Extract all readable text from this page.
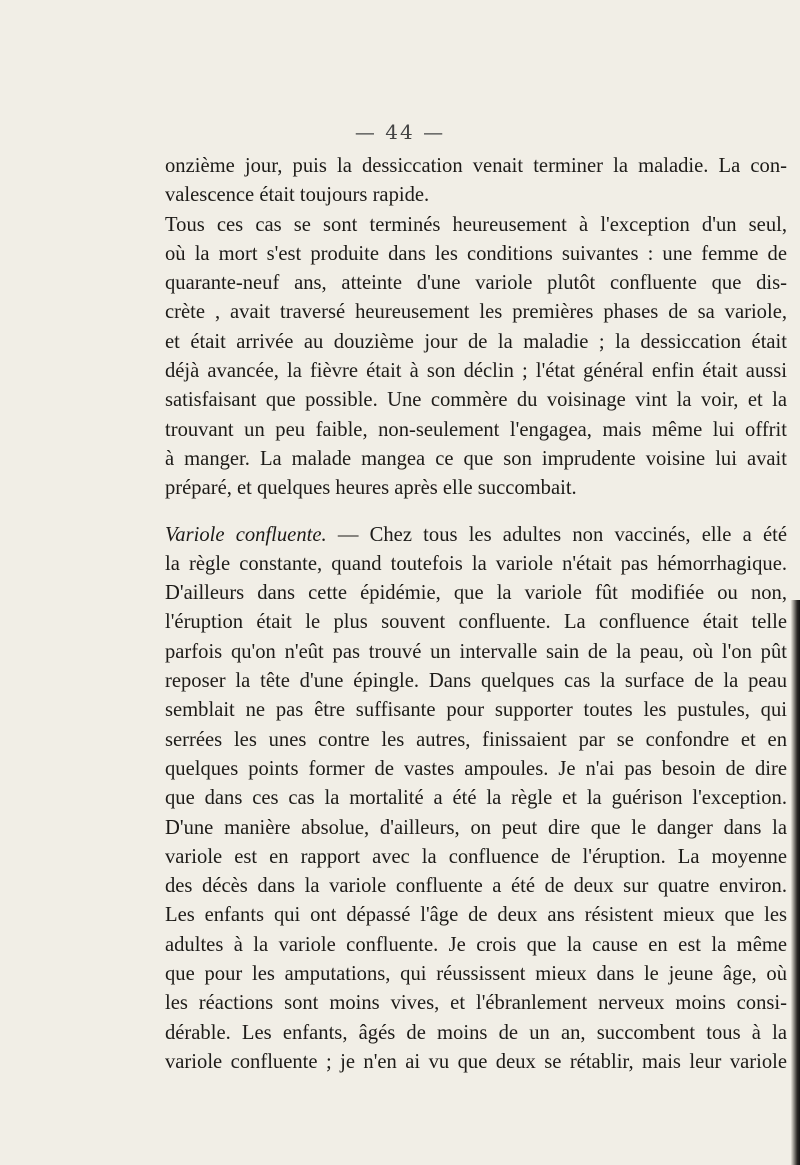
— 44 —
onzième jour, puis la dessiccation venait terminer la maladie. La con-
valescence était toujours rapide.
Tous ces cas se sont terminés heureusement à l'exception d'un seul,
où la mort s'est produite dans les conditions suivantes : une femme de
quarante-neuf ans, atteinte d'une variole plutôt confluente que dis-
crète , avait traversé heureusement les premières phases de sa variole,
et était arrivée au douzième jour de la maladie ; la dessiccation était
déjà avancée, la fièvre était à son déclin ; l'état général enfin était aussi
satisfaisant que possible. Une commère du voisinage vint la voir, et la
trouvant un peu faible, non-seulement l'engagea, mais même lui offrit
à manger. La malade mangea ce que son imprudente voisine lui avait
préparé, et quelques heures après elle succombait.
Variole confluente. — Chez tous les adultes non vaccinés, elle a été
la règle constante, quand toutefois la variole n'était pas hémorrhagique.
D'ailleurs dans cette épidémie, que la variole fût modifiée ou non,
l'éruption était le plus souvent confluente. La confluence était telle
parfois qu'on n'eût pas trouvé un intervalle sain de la peau, où l'on pût
reposer la tête d'une épingle. Dans quelques cas la surface de la peau
semblait ne pas être suffisante pour supporter toutes les pustules, qui
serrées les unes contre les autres, finissaient par se confondre et en
quelques points former de vastes ampoules. Je n'ai pas besoin de dire
que dans ces cas la mortalité a été la règle et la guérison l'exception.
D'une manière absolue, d'ailleurs, on peut dire que le danger dans la
variole est en rapport avec la confluence de l'éruption. La moyenne
des décès dans la variole confluente a été de deux sur quatre environ.
Les enfants qui ont dépassé l'âge de deux ans résistent mieux que les
adultes à la variole confluente. Je crois que la cause en est la même
que pour les amputations, qui réussissent mieux dans le jeune âge, où
les réactions sont moins vives, et l'ébranlement nerveux moins consi-
dérable. Les enfants, âgés de moins de un an, succombent tous à la
variole confluente ; je n'en ai vu que deux se rétablir, mais leur variole
